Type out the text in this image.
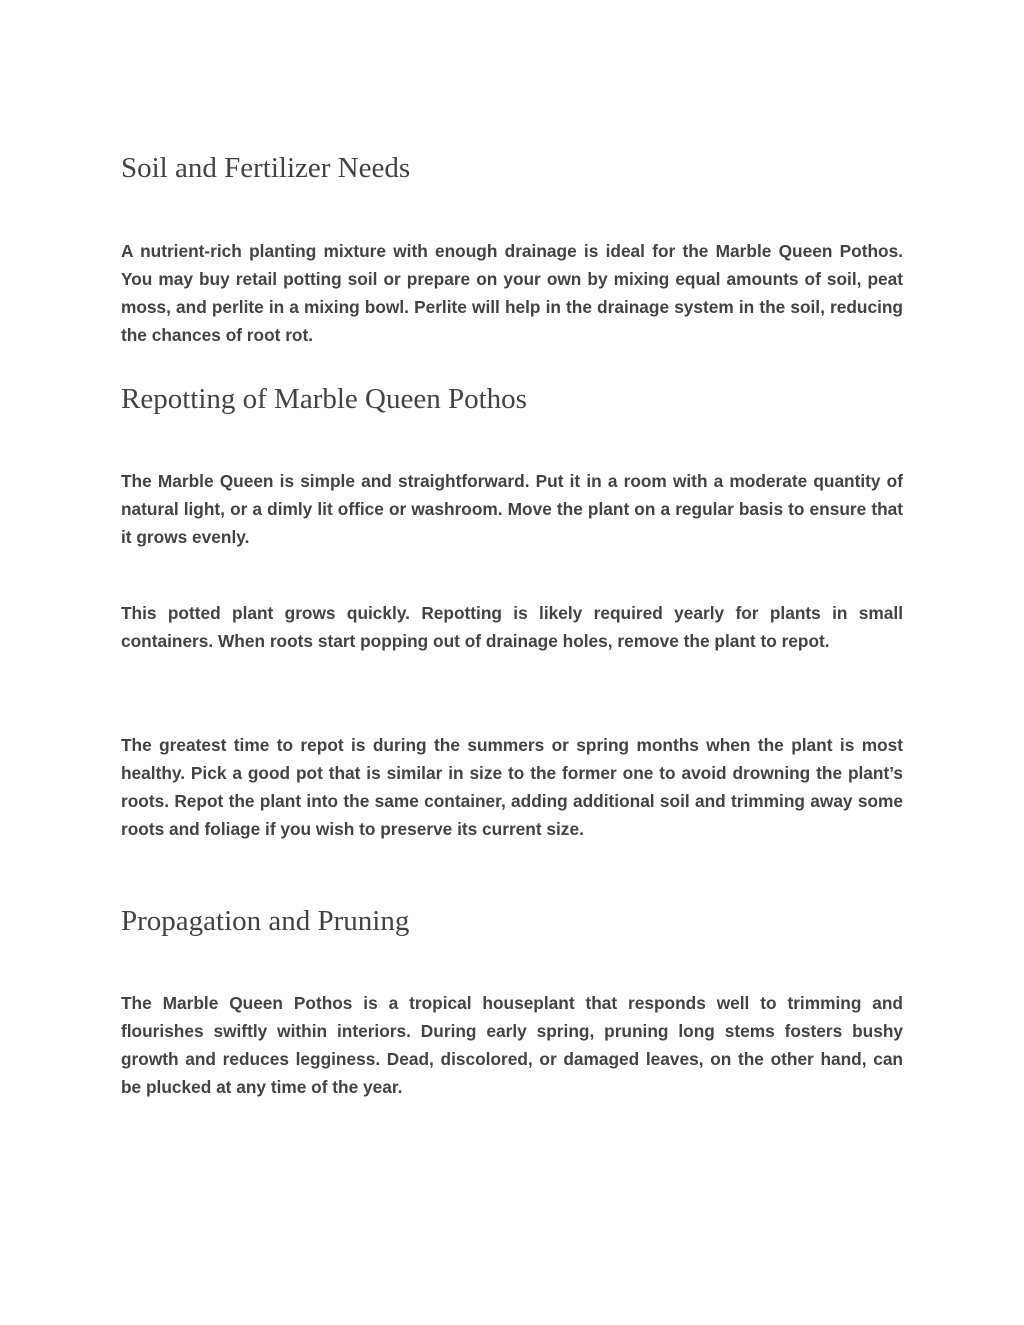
Soil and Fertilizer Needs

A nutrient-rich planting mixture with enough drainage is ideal for the Marble Queen Pothos. You may buy retail potting soil or prepare on your own by mixing equal amounts of soil, peat moss, and perlite in a mixing bowl. Perlite will help in the drainage system in the soil, reducing the chances of root rot.

Repotting of Marble Queen Pothos

The Marble Queen is simple and straightforward. Put it in a room with a moderate quantity of natural light, or a dimly lit office or washroom. Move the plant on a regular basis to ensure that it grows evenly.

This potted plant grows quickly. Repotting is likely required yearly for plants in small containers. When roots start popping out of drainage holes, remove the plant to repot.

The greatest time to repot is during the summers or spring months when the plant is most healthy. Pick a good pot that is similar in size to the former one to avoid drowning the plant’s roots. Repot the plant into the same container, adding additional soil and trimming away some roots and foliage if you wish to preserve its current size.

Propagation and Pruning

The Marble Queen Pothos is a tropical houseplant that responds well to trimming and flourishes swiftly within interiors. During early spring, pruning long stems fosters bushy growth and reduces legginess. Dead, discolored, or damaged leaves, on the other hand, can be plucked at any time of the year.
